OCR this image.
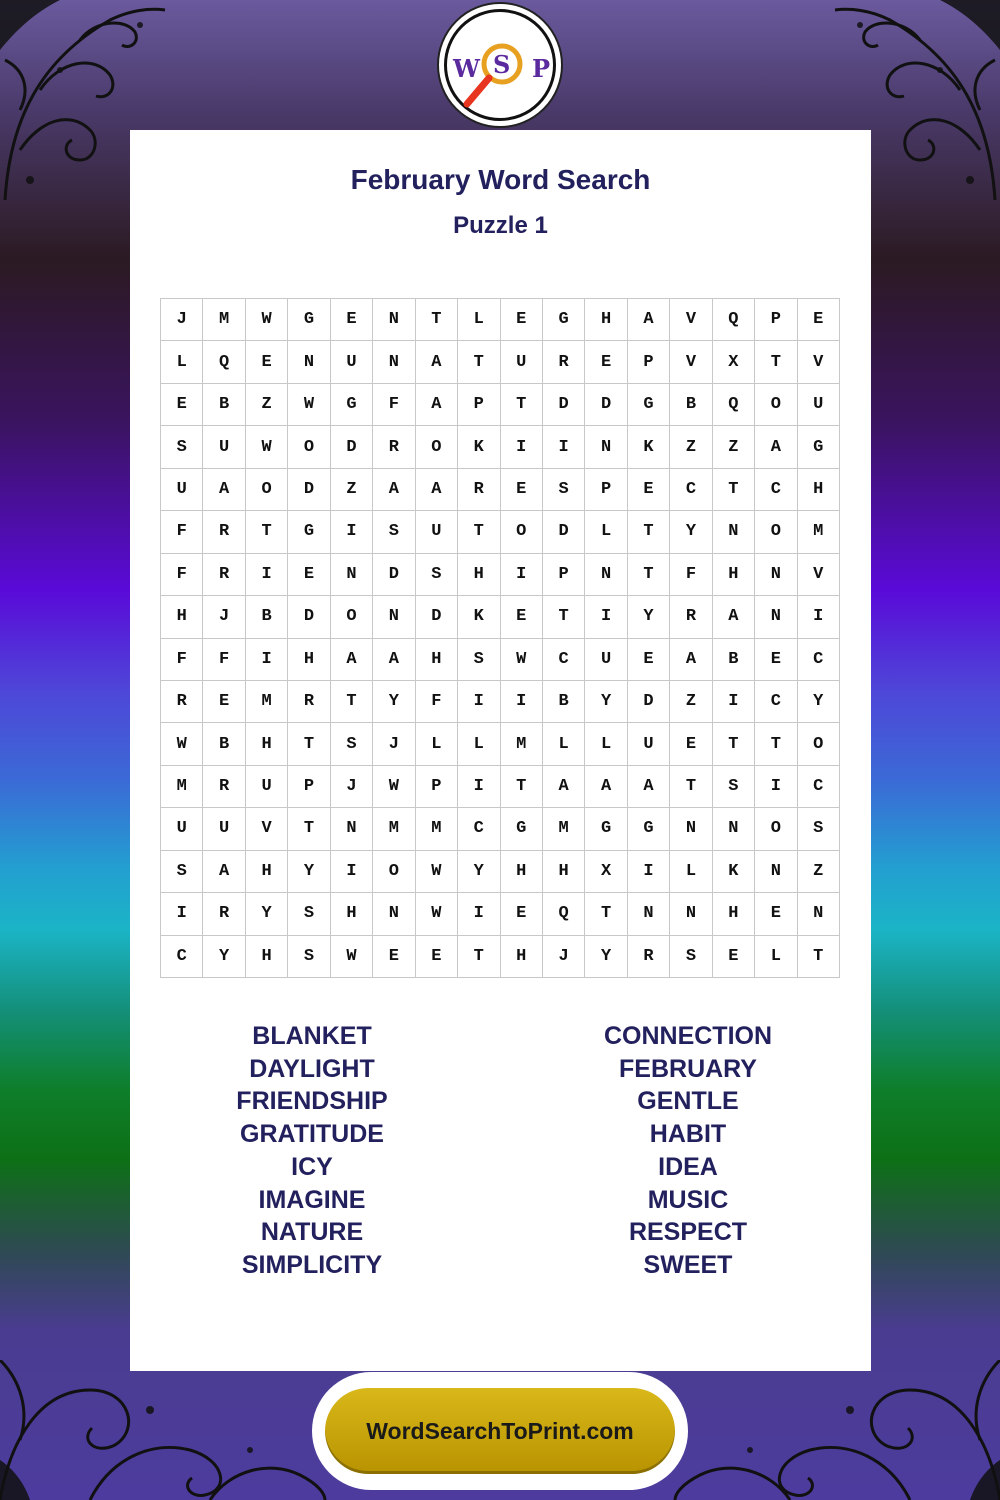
February Word Search
Puzzle 1
J	M	W	G	E	N	T	L	E	G	H	A	V	Q	P	E
L	Q	E	N	U	N	A	T	U	R	E	P	V	X	T	V
E	B	Z	W	G	F	A	P	T	D	D	G	B	Q	O	U
S	U	W	O	D	R	O	K	I	I	N	K	Z	Z	A	G
U	A	O	D	Z	A	A	R	E	S	P	E	C	T	C	H
F	R	T	G	I	S	U	T	O	D	L	T	Y	N	O	M
F	R	I	E	N	D	S	H	I	P	N	T	F	H	N	V
H	J	B	D	O	N	D	K	E	T	I	Y	R	A	N	I
F	F	I	H	A	A	H	S	W	C	U	E	A	B	E	C
R	E	M	R	T	Y	F	I	I	B	Y	D	Z	I	C	Y
W	B	H	T	S	J	L	L	M	L	L	U	E	T	T	O
M	R	U	P	J	W	P	I	T	A	A	A	T	S	I	C
U	U	V	T	N	M	M	C	G	M	G	G	N	N	O	S
S	A	H	Y	I	O	W	Y	H	H	X	I	L	K	N	Z
I	R	Y	S	H	N	W	I	E	Q	T	N	N	H	E	N
C	Y	H	S	W	E	E	T	H	J	Y	R	S	E	L	T
BLANKET
DAYLIGHT
FRIENDSHIP
GRATITUDE
ICY
IMAGINE
NATURE
SIMPLICITY
CONNECTION
FEBRUARY
GENTLE
HABIT
IDEA
MUSIC
RESPECT
SWEET
W S P
WordSearchToPrint.com
